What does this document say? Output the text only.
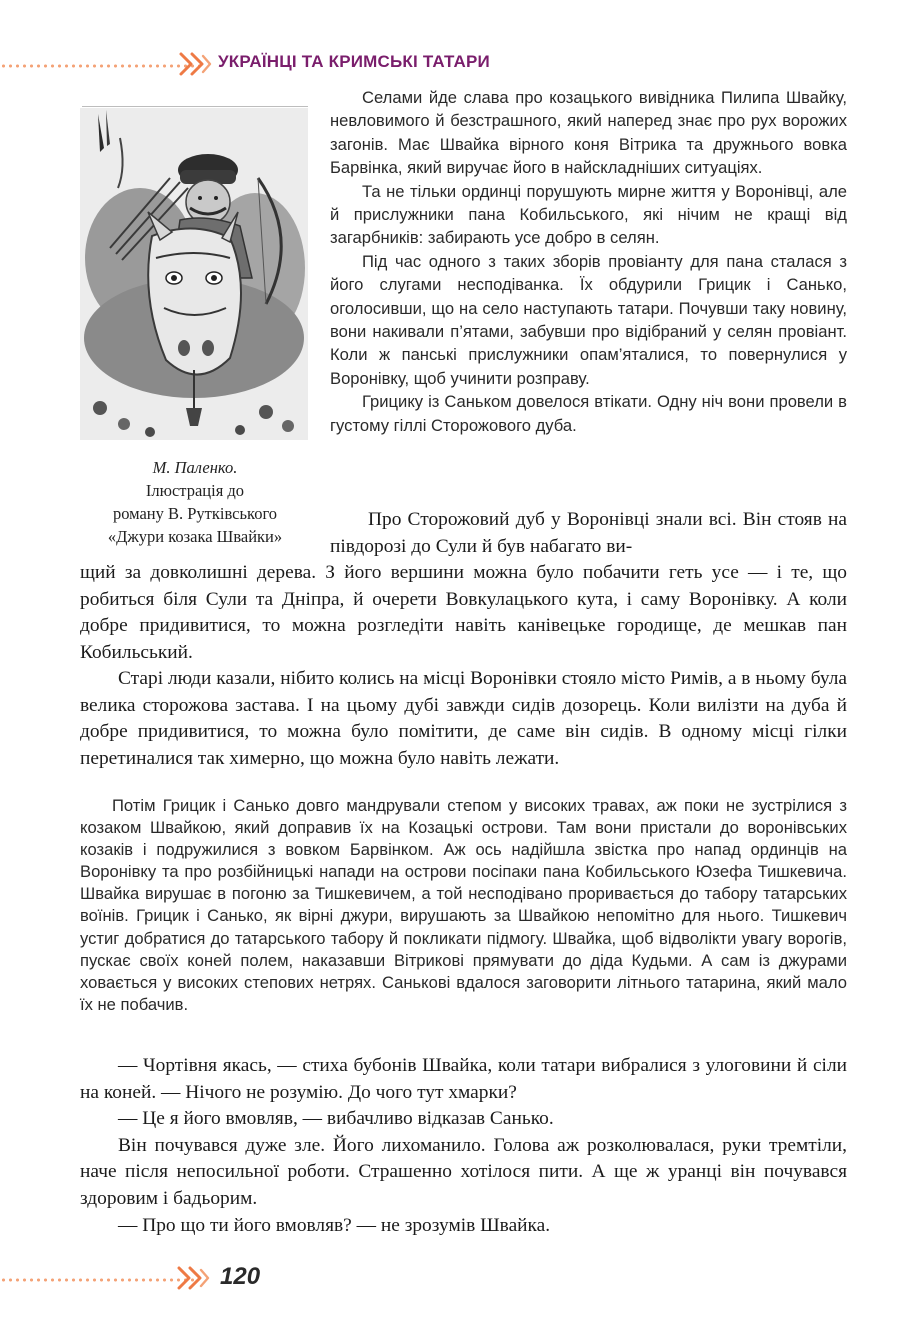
УКРАЇНЦІ ТА КРИМСЬКІ ТАТАРИ
М. Паленко.
Ілюстрація до
роману В. Рутківського
«Джури козака Швайки»

Селами йде слава про козацького вивідника Пилипа Швайку, невловимого й безстрашного, який наперед знає про рух ворожих загонів. Має Швайка вірного коня Вітрика та дружнього вовка Барвінка, який виручає його в найскладніших ситуаціях.

Та не тільки ординці порушують мирне життя у Воронівці, але й прислужники пана Кобильського, які нічим не кращі від загарбників: забирають усе добро в селян.

Під час одного з таких зборів провіанту для пана сталася з його слугами несподіванка. Їх обдурили Грицик і Санько, оголосивши, що на село наступають татари. Почувши таку новину, вони накивали п’ятами, забувши про відібраний у селян провіант. Коли ж панські прислужники опам’яталися, то повернулися у Воронівку, щоб учинити розправу.

Грицику із Саньком довелося втікати. Одну ніч вони провели в густому гіллі Сторожового дуба.

Про Сторожовий дуб у Воронівці знали всі. Він стояв на півдорозі до Сули й був набагато ви-

щий за довколишні дерева. З його вершини можна було побачити геть усе — і те, що робиться біля Сули та Дніпра, й очерети Вовкулацького кута, і саму Воронівку. А коли добре придивитися, то можна розгледіти навіть канівецьке городище, де мешкав пан Кобильський.

Старі люди казали, нібито колись на місці Воронівки стояло місто Римів, а в ньому була велика сторожова застава. І на цьому дубі завжди сидів дозорець. Коли вилізти на дуба й добре придивитися, то можна було помітити, де саме він сидів. В одному місці гілки перетиналися так химерно, що можна було навіть лежати.

Потім Грицик і Санько довго мандрували степом у високих травах, аж поки не зустрілися з козаком Швайкою, який доправив їх на Козацькі острови. Там вони пристали до воронівських козаків і подружилися з вовком Барвінком. Аж ось надійшла звістка про напад ординців на Воронівку та про розбійницькі напади на острови посіпаки пана Кобильського Юзефа Тишкевича. Швайка вирушає в погоню за Тишкевичем, а той несподівано проривається до табору татарських воїнів. Грицик і Санько, як вірні джури, вирушають за Швайкою непомітно для нього. Тишкевич устиг добратися до татарського табору й покликати підмогу. Швайка, щоб відволікти увагу ворогів, пускає своїх коней полем, наказавши Вітрикові прямувати до діда Кудьми. А сам із джурами ховається у високих степових нетрях. Санькові вдалося заговорити літнього татарина, який мало їх не побачив.

— Чортівня якась, — стиха бубонів Швайка, коли татари вибралися з улоговини й сіли на коней. — Нічого не розумію. До чого тут хмарки?

— Це я його вмовляв, — вибачливо відказав Санько.

Він почувався дуже зле. Його лихоманило. Голова аж розколювалася, руки тремтіли, наче після непосильної роботи. Страшенно хотілося пити. А ще ж уранці він почувався здоровим і бадьорим.

— Про що ти його вмовляв? — не зрозумів Швайка.

120
